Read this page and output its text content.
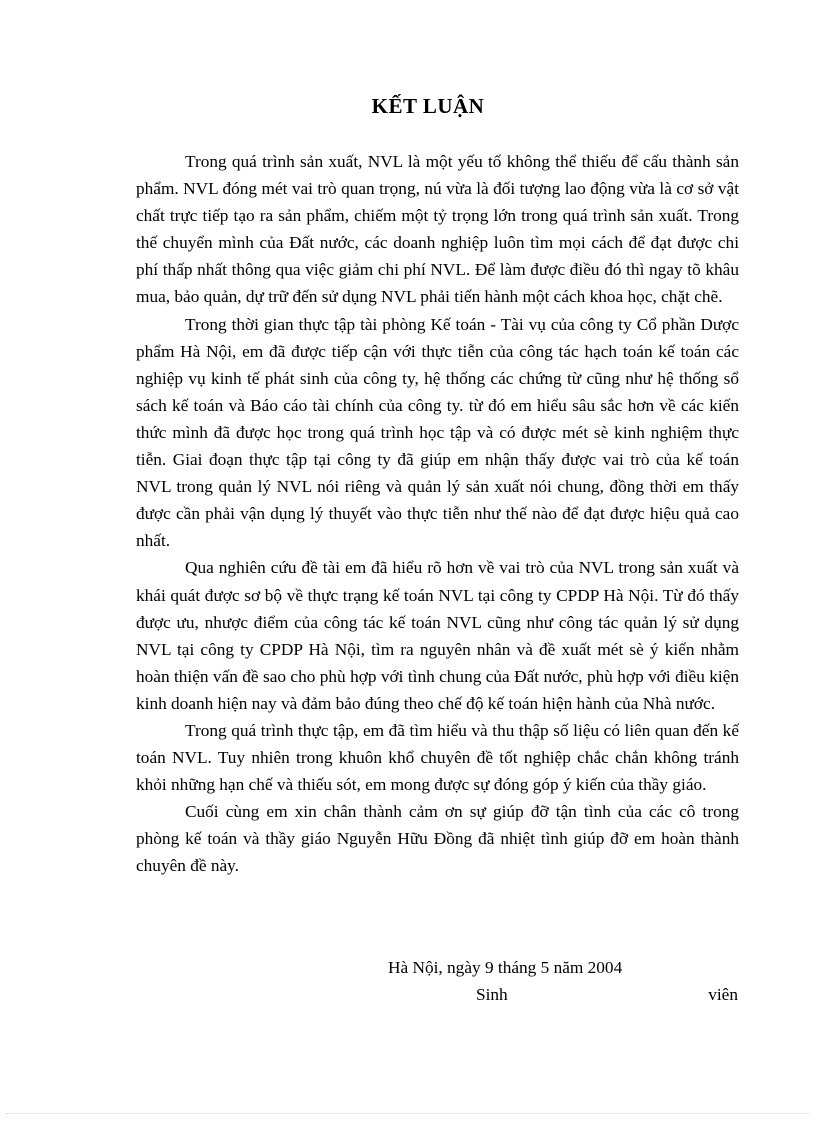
KẾT LUẬN

Trong quá trình sản xuất, NVL là một yếu tố không thể thiếu để cấu thành sản phẩm. NVL đóng mét vai trò quan trọng, nú vừa là đối tượng lao động vừa là cơ sở vật chất trực tiếp tạo ra sản phẩm, chiếm một tỷ trọng lớn trong quá trình sản xuất. Trong thế chuyển mình của Đất nước, các doanh nghiệp luôn tìm mọi cách để đạt được chi phí thấp nhất thông qua việc giảm chi phí NVL. Để làm được điều đó thì ngay tõ khâu mua, bảo quản, dự trữ đến sử dụng NVL phải tiến hành một cách khoa học, chặt chẽ.

Trong thời gian thực tập tài phòng Kế toán - Tài vụ của công ty Cổ phần Dược phẩm Hà Nội, em đã được tiếp cận với thực tiễn của công tác hạch toán kế toán các nghiệp vụ kinh tế phát sinh của công ty, hệ thống các chứng từ cũng như hệ thống sổ sách kế toán và Báo cáo tài chính của công ty. từ đó em hiểu sâu sắc hơn về các kiến thức mình đã được học trong quá trình học tập và có được mét sè kinh nghiệm thực tiễn. Giai đoạn thực tập tại công ty đã giúp em nhận thấy được vai trò của kế toán NVL trong quản lý NVL nói riêng và quản lý sản xuất nói chung, đồng thời em thấy được cần phải vận dụng lý thuyết vào thực tiễn như thế nào để đạt được hiệu quả cao nhất.

Qua nghiên cứu đề tài em đã hiểu rõ hơn về vai trò của NVL trong sản xuất và khái quát được sơ bộ về thực trạng kế toán NVL tại công ty CPDP Hà Nội. Từ đó thấy được ưu, nhược điểm của công tác kế toán NVL cũng như công tác quản lý sử dụng NVL tại công ty CPDP Hà Nội, tìm ra nguyên nhân và đề xuất mét sè ý kiến nhằm hoàn thiện vấn đề sao cho phù hợp với tình chung của Đất nước, phù hợp với điều kiện kinh doanh hiện nay và đảm bảo đúng theo chế độ kế toán hiện hành của Nhà nước.

Trong quá trình thực tập, em đã tìm hiểu và thu thập số liệu có liên quan đến kế toán NVL. Tuy nhiên trong khuôn khổ chuyên đề tốt nghiệp chắc chắn không tránh khỏi những hạn chế và thiếu sót, em mong được sự đóng góp ý kiến của thầy giáo.

Cuối cùng em xin chân thành cảm ơn sự giúp đỡ tận tình của các cô trong phòng kế toán và thầy giáo Nguyễn Hữu Đồng đã nhiệt tình giúp đỡ em hoàn thành chuyên đề này.

Hà Nội, ngày 9 tháng 5 năm 2004
Sinh	viên
